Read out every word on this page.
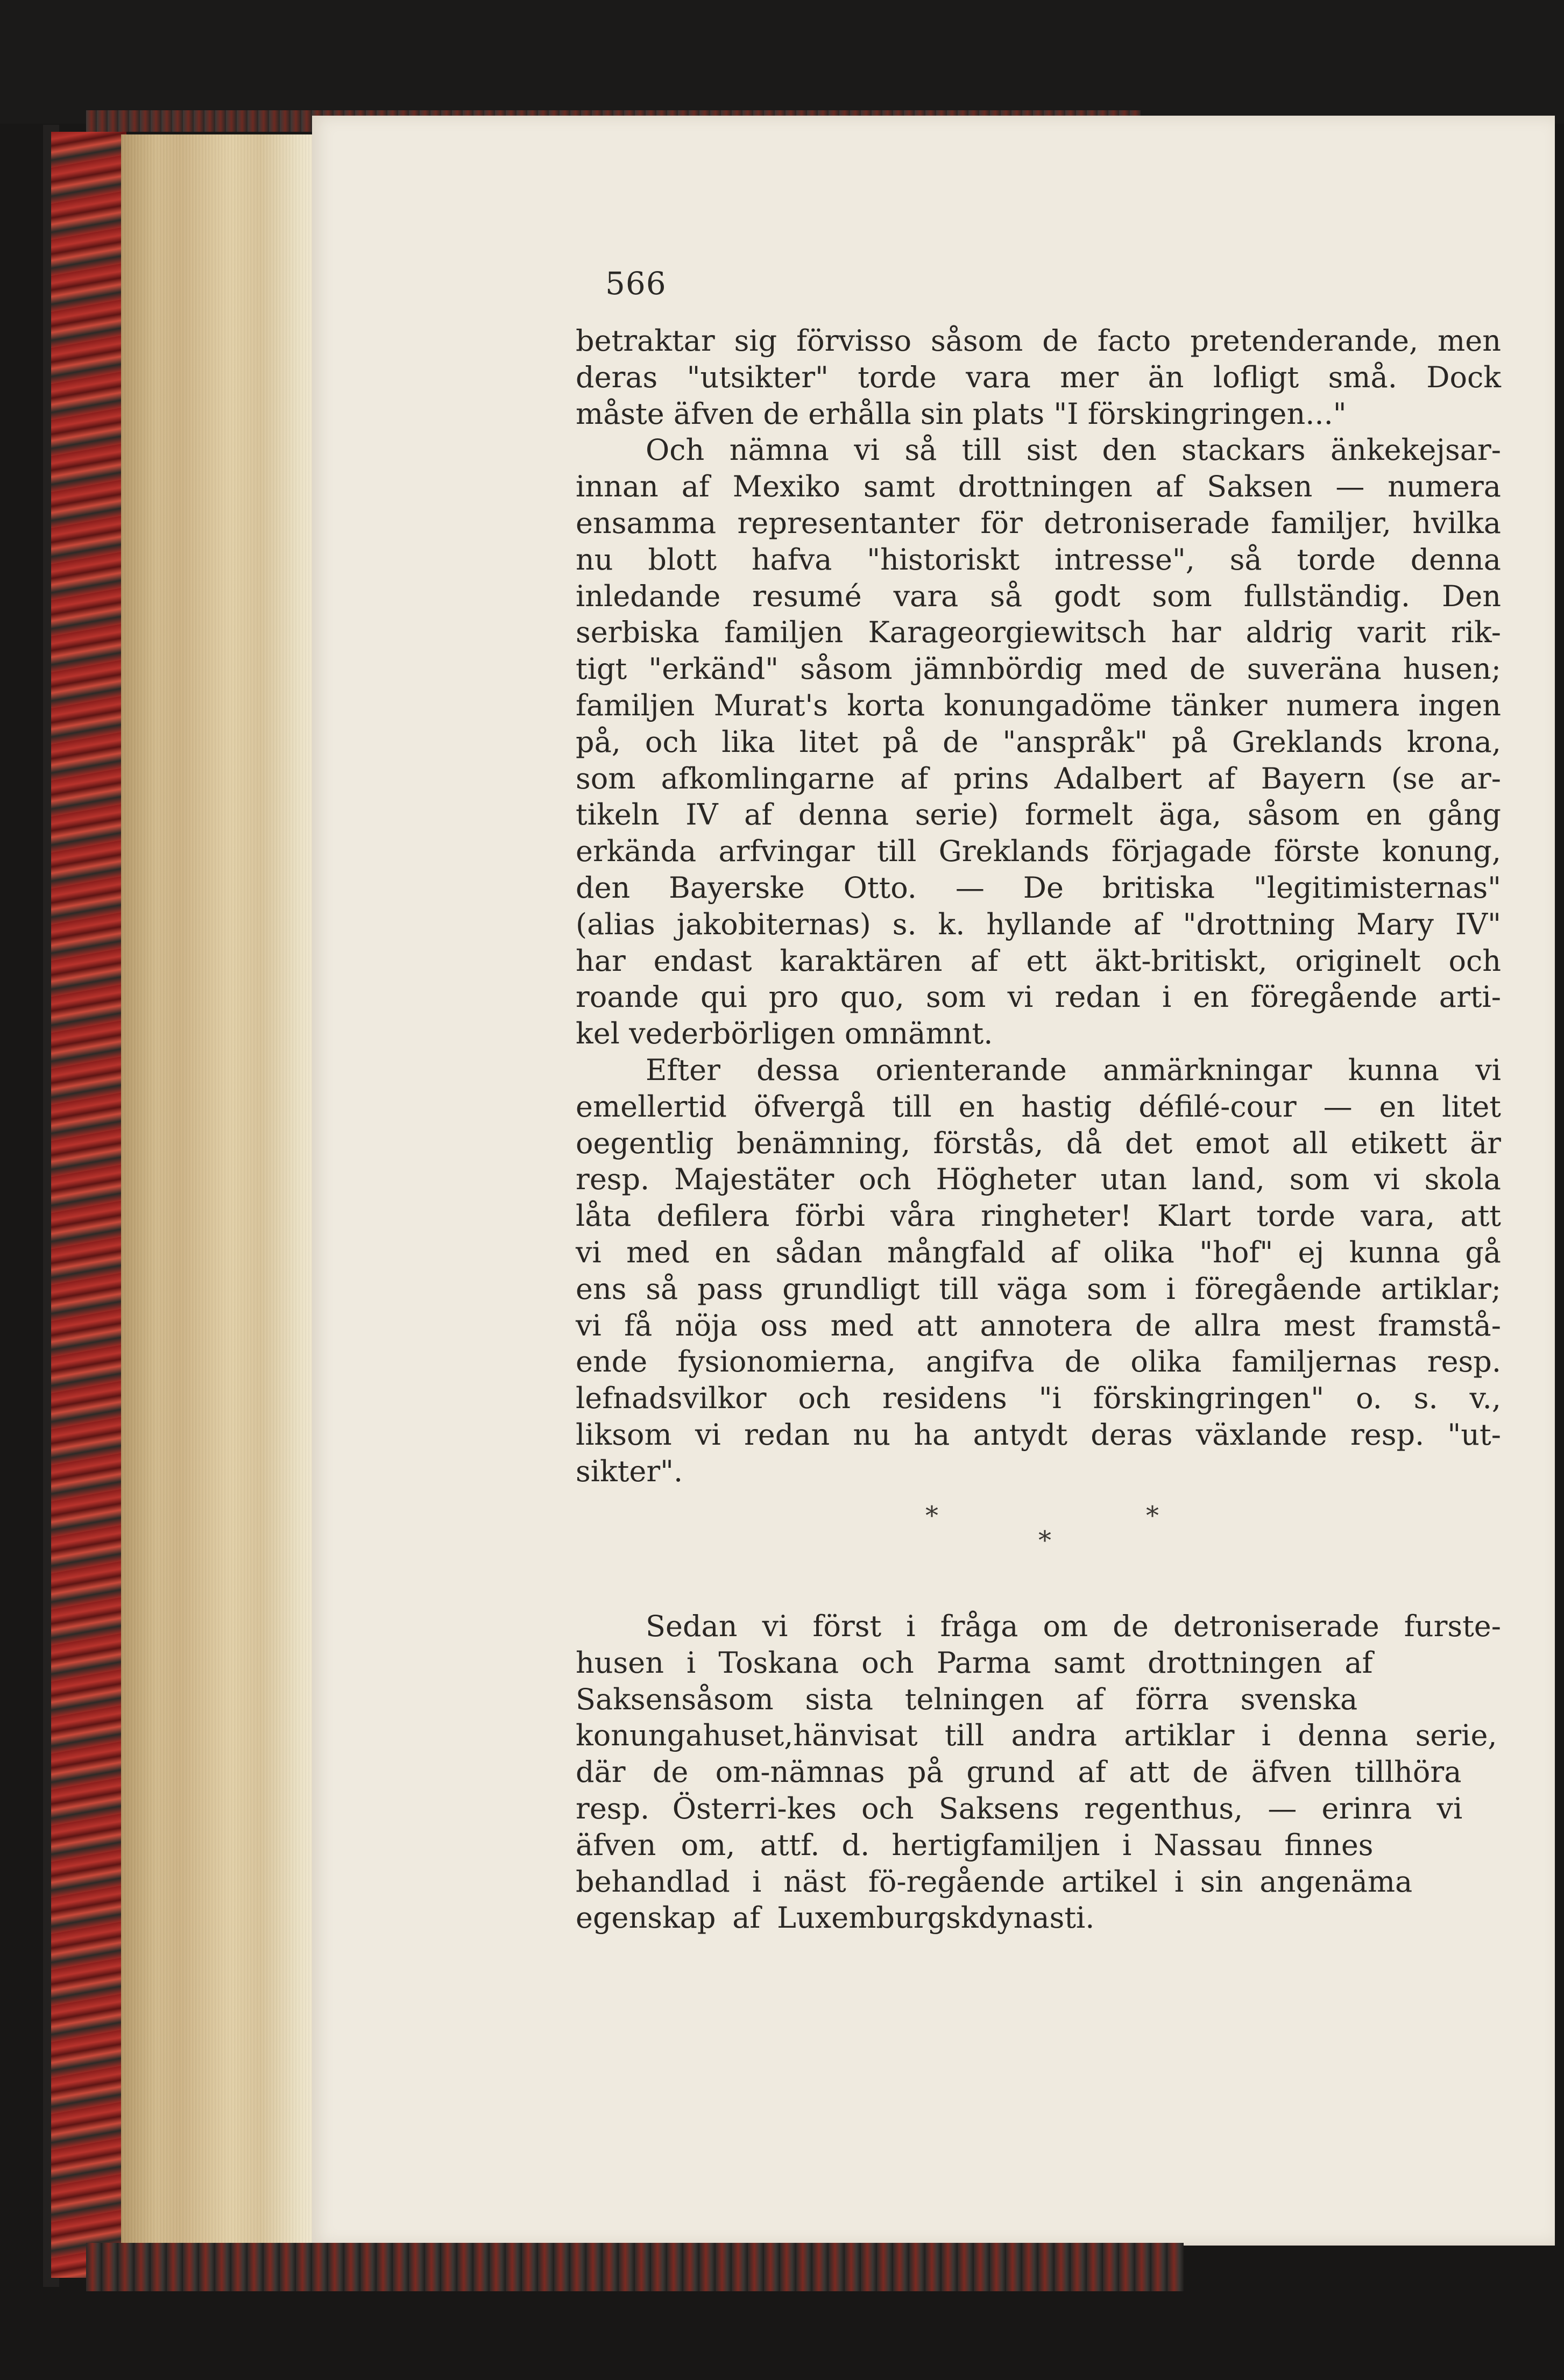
566
betraktar sig förvisso såsom de facto pretenderande, men
deras "utsikter" torde vara mer än lofligt små. Dock
måste äfven de erhålla sin plats "I förskingringen..."
Och nämna vi så till sist den stackars änkekejsar-
innan af Mexiko samt drottningen af Saksen — numera
ensamma representanter för detroniserade familjer, hvilka
nu blott hafva "historiskt intresse", så torde denna
inledande resumé vara så godt som fullständig. Den
serbiska familjen Karageorgiewitsch har aldrig varit rik-
tigt "erkänd" såsom jämnbördig med de suveräna husen;
familjen Murat's korta konungadöme tänker numera ingen
på, och lika litet på de "anspråk" på Greklands krona,
som afkomlingarne af prins Adalbert af Bayern (se ar-
tikeln IV af denna serie) formelt äga, såsom en gång
erkända arfvingar till Greklands förjagade förste konung,
den Bayerske Otto. — De britiska "legitimisternas"
(alias jakobiternas) s. k. hyllande af "drottning Mary IV"
har endast karaktären af ett äkt-britiskt, originelt och
roande qui pro quo, som vi redan i en föregående arti-
kel vederbörligen omnämnt.
Efter dessa orienterande anmärkningar kunna vi
emellertid öfvergå till en hastig défilé-cour — en litet
oegentlig benämning, förstås, då det emot all etikett är
resp. Majestäter och Högheter utan land, som vi skola
låta defilera förbi våra ringheter! Klart torde vara, att
vi med en sådan mångfald af olika "hof" ej kunna gå
ens så pass grundligt till väga som i föregående artiklar;
vi få nöja oss med att annotera de allra mest framstå-
ende fysionomierna, angifva de olika familjernas resp.
lefnadsvilkor och residens "i förskingringen" o. s. v.,
liksom vi redan nu ha antydt deras växlande resp. "ut-
sikter".
*
*
*
Sedan vi först i fråga om de detroniserade furste-husen i Toskana och Parma samt drottningen af Saksensåsom sista telningen af förra svenska konungahuset,hänvisat till andra artiklar i denna serie, där de om-nämnas på grund af att de äfven tillhöra resp. Österri-kes och Saksens regenthus, — erinra vi äfven om, attf. d. hertigfamiljen i Nassau finnes behandlad i näst fö-regående artikel i sin angenäma egenskap af Luxemburgskdynasti.
